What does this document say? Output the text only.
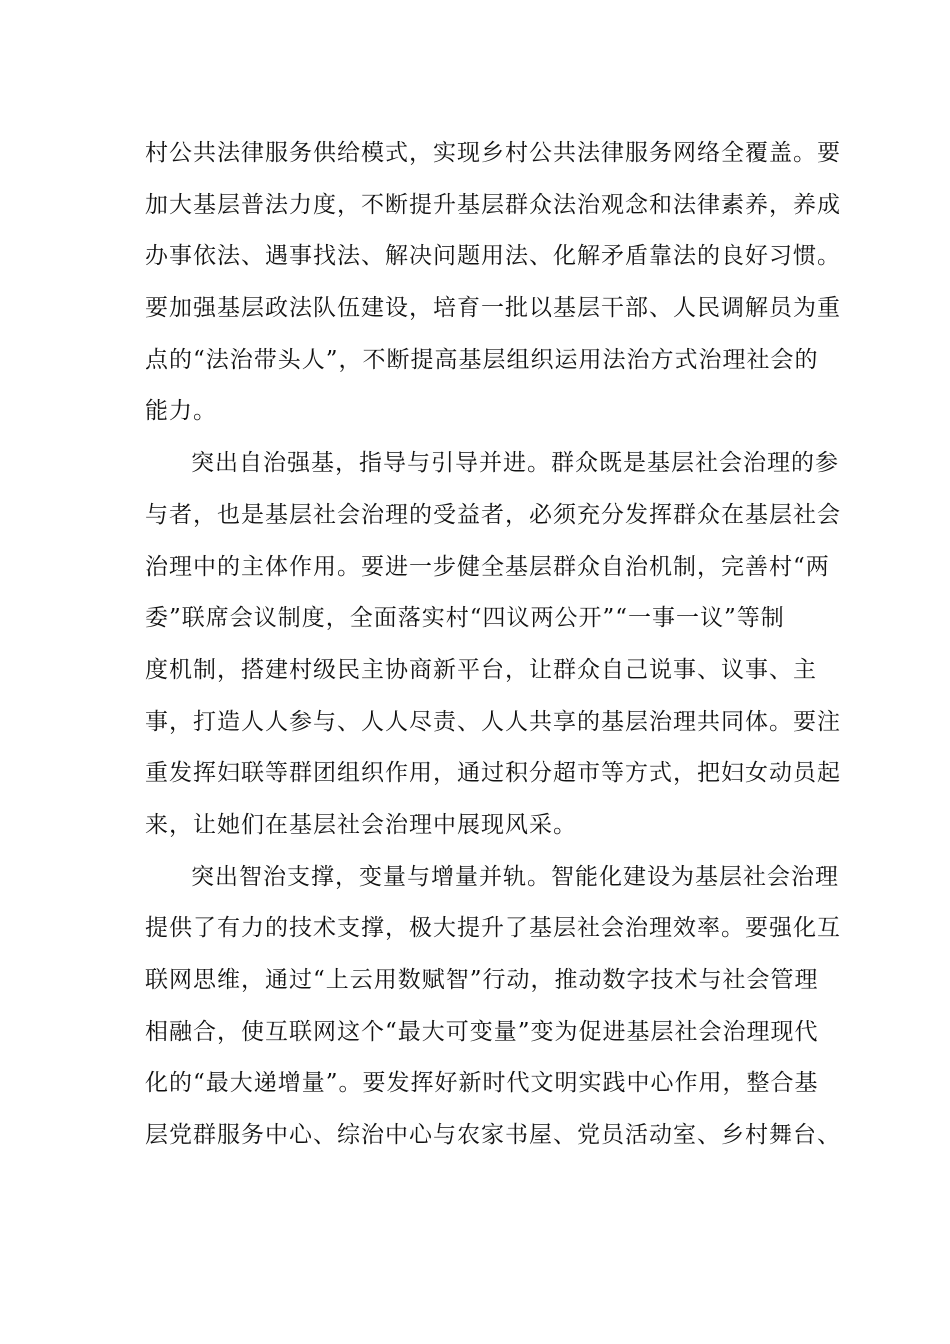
村公共法律服务供给模式，实现乡村公共法律服务网络全覆盖。要
加大基层普法力度，不断提升基层群众法治观念和法律素养，养成
办事依法、遇事找法、解决问题用法、化解矛盾靠法的良好习惯。
要加强基层政法队伍建设，培育一批以基层干部、人民调解员为重
点的“法治带头人”，不断提高基层组织运用法治方式治理社会的
能力。
突出自治强基，指导与引导并进。群众既是基层社会治理的参
与者，也是基层社会治理的受益者，必须充分发挥群众在基层社会
治理中的主体作用。要进一步健全基层群众自治机制，完善村“两
委”联席会议制度，全面落实村“四议两公开”“一事一议”等制
度机制，搭建村级民主协商新平台，让群众自己说事、议事、主
事，打造人人参与、人人尽责、人人共享的基层治理共同体。要注
重发挥妇联等群团组织作用，通过积分超市等方式，把妇女动员起
来，让她们在基层社会治理中展现风采。
突出智治支撑，变量与增量并轨。智能化建设为基层社会治理
提供了有力的技术支撑，极大提升了基层社会治理效率。要强化互
联网思维，通过“上云用数赋智”行动，推动数字技术与社会管理
相融合，使互联网这个“最大可变量”变为促进基层社会治理现代
化的“最大递增量”。要发挥好新时代文明实践中心作用，整合基
层党群服务中心、综治中心与农家书屋、党员活动室、乡村舞台、
